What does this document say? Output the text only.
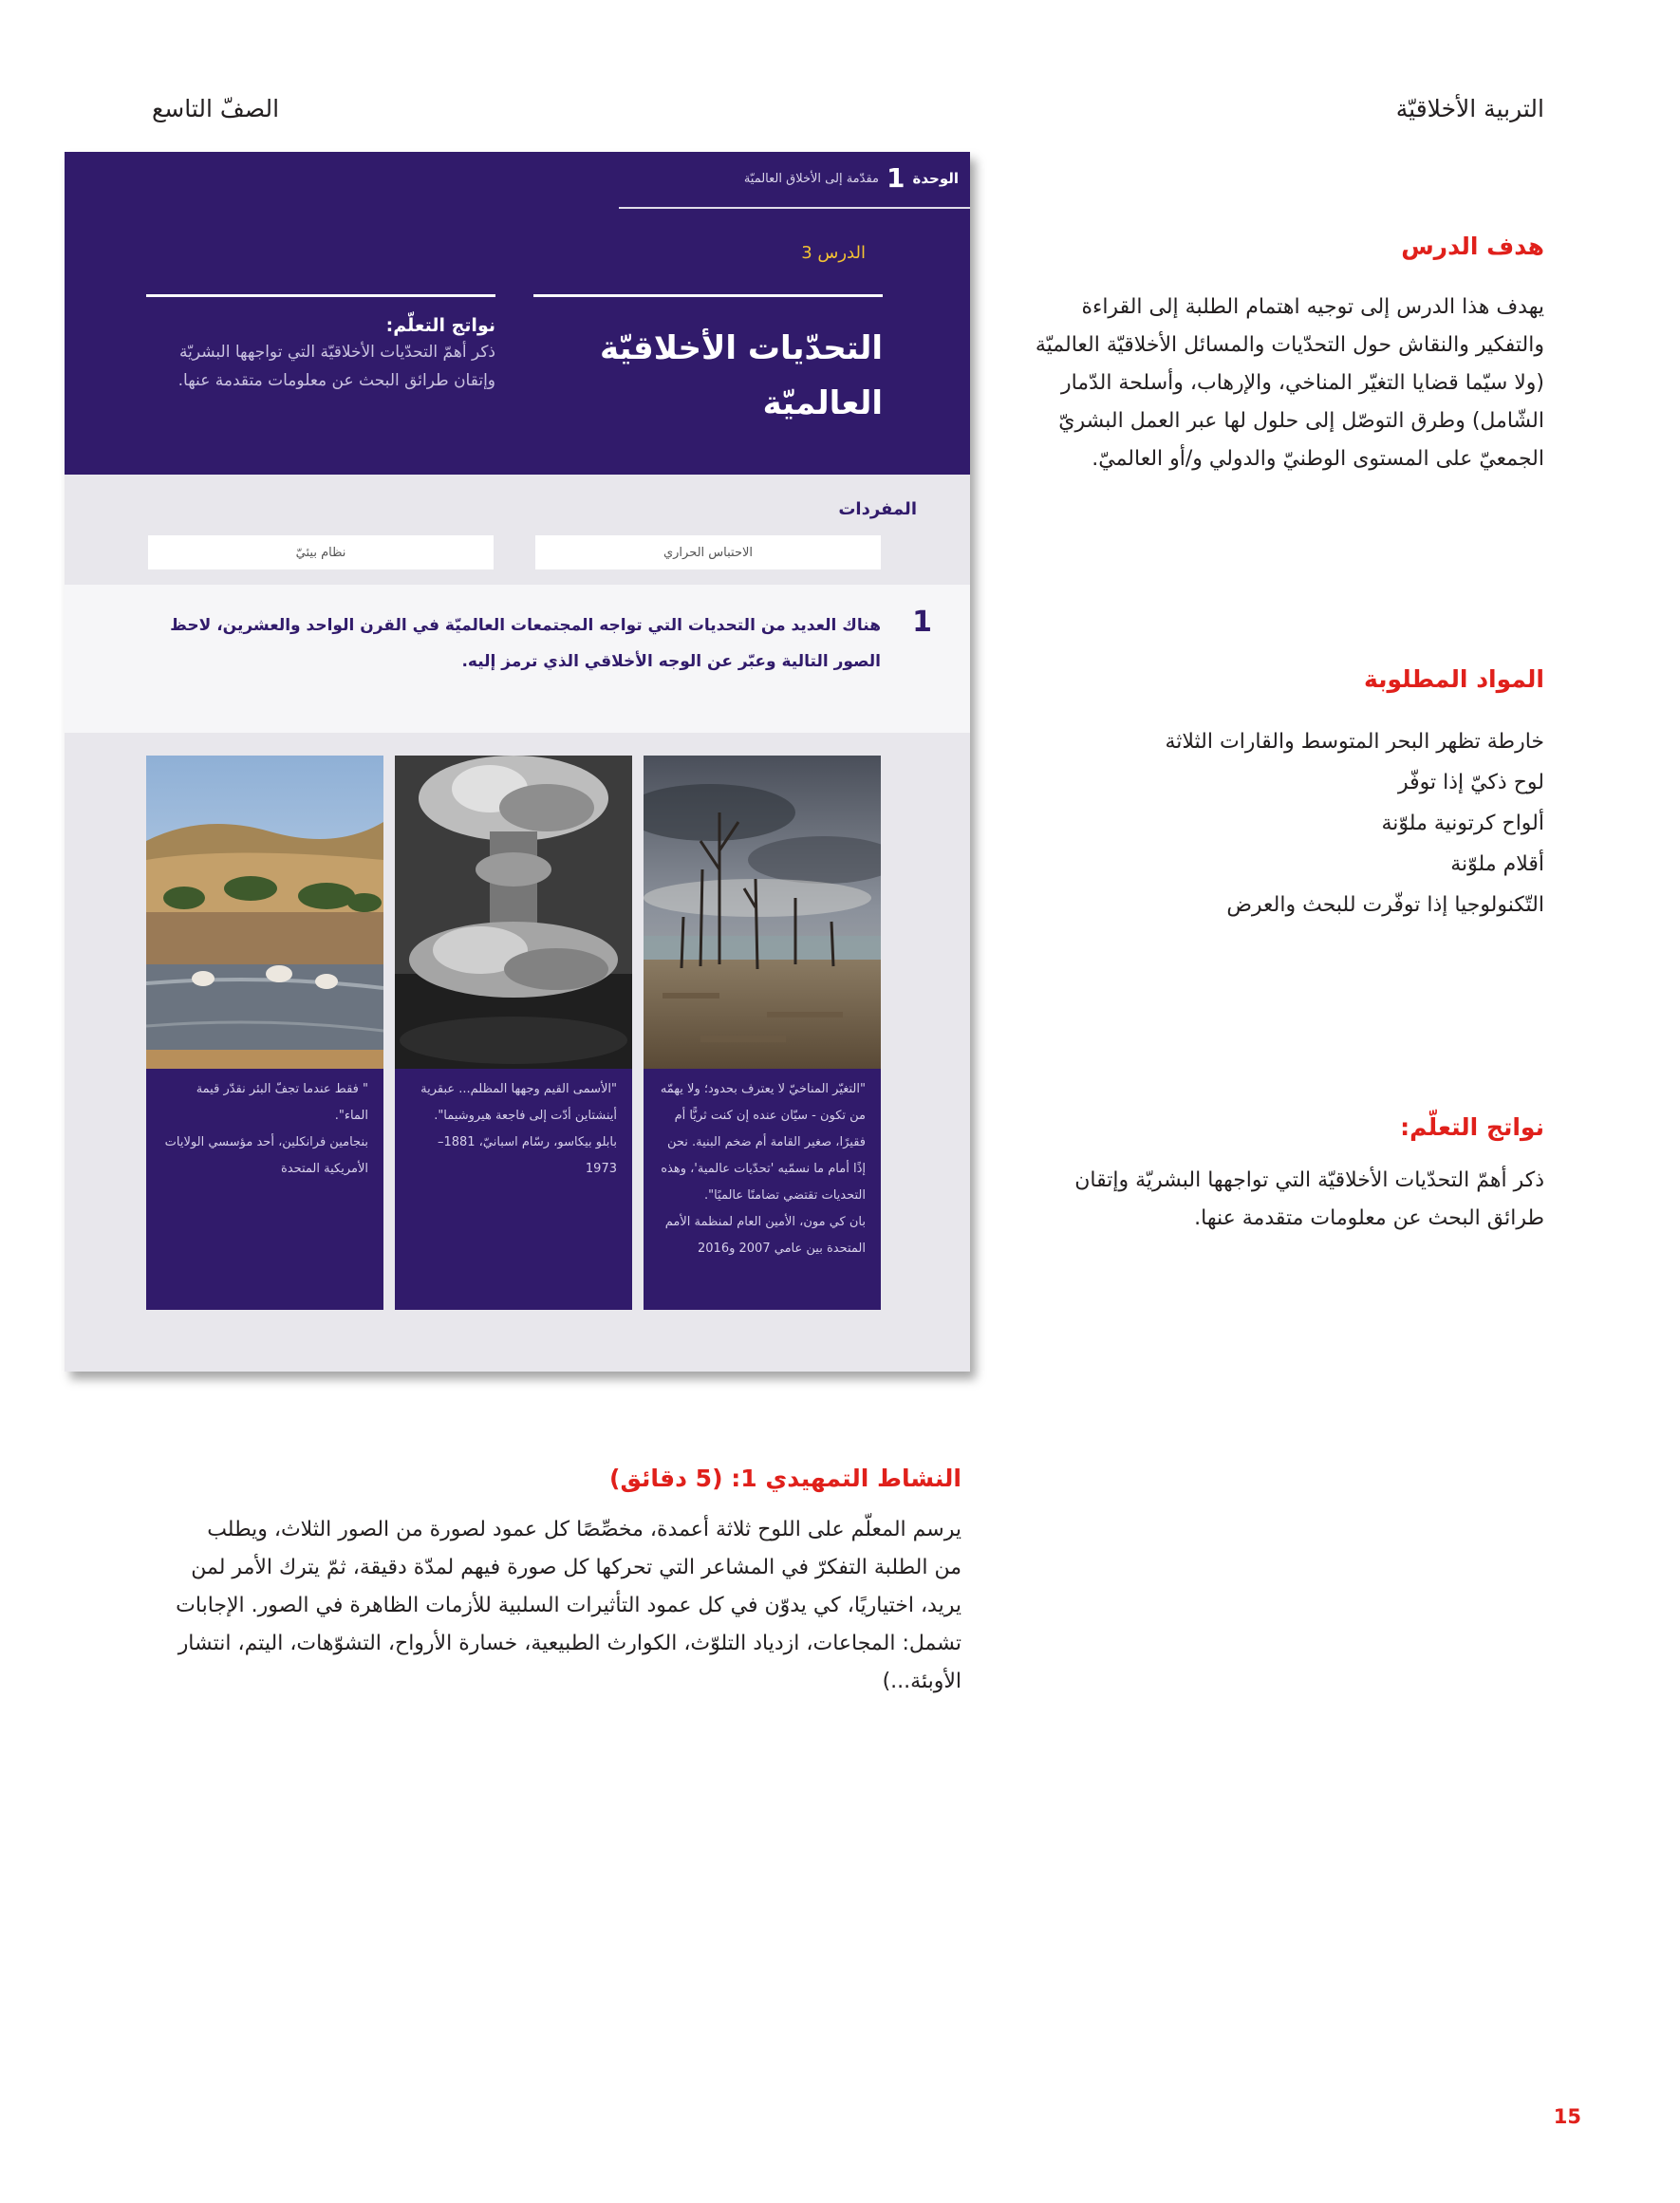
التربية الأخلاقيّة
الصفّ التاسع
هدف الدرس

يهدف هذا الدرس إلى توجيه اهتمام الطلبة إلى القراءة والتفكير والنقاش حول التحدّيات والمسائل الأخلاقيّة العالميّة (ولا سيّما قضايا التغيّر المناخي، والإرهاب، وأسلحة الدّمار الشّامل) وطرق التوصّل إلى حلول لها عبر العمل البشريّ الجمعيّ على المستوى الوطنيّ والدولي و/أو العالميّ.

المواد المطلوبة
خارطة تظهر البحر المتوسط والقارات الثلاثة
لوح ذكيّ إذا توفّر
ألواح كرتونية ملوّنة
أقلام ملوّنة
التّكنولوجيا إذا توفّرت للبحث والعرض
نواتج التعلّم:

ذكر أهمّ التحدّيات الأخلاقيّة التي تواجهها البشريّة وإتقان طرائق البحث عن معلومات متقدمة عنها.

الوحدة
1
مقدّمة إلى الأخلاق العالميّة
الدرس 3
التحدّيات الأخلاقيّة العالميّة

نواتج التعلّم:

ذكر أهمّ التحدّيات الأخلاقيّة التي تواجهها البشريّة وإتقان طرائق البحث عن معلومات متقدمة عنها.

المفردات
الاحتباس الحراري
نظام بيئيّ
1

هناك العديد من التحديات التي تواجه المجتمعات العالميّة في القرن الواحد والعشرين، لاحظ الصور التالية وعبّر عن الوجه الأخلاقي الذي ترمز إليه.

"التغيّر المناخيّ لا يعترف بحدود؛ ولا يهمّه من تكون - سيّان عنده إن كنت ثريًّا أم فقيرًا، صغير القامة أم ضخم البنية. نحن إذًا أمام ما نسمّيه 'تحدّيات عالمية'، وهذه التحديات تقتضي تضامنًا عالميًا".

بان كي مون، الأمين العام لمنظمة الأمم المتحدة بين عامي 2007 و2016

"الأسمى القيم وجهها المظلم... عبقرية أينشتاين أدّت إلى فاجعة هيروشيما".

بابلو بيكاسو، رسّام اسبانيّ، 1881–1973

" فقط عندما تجفّ البئر نقدّر قيمة الماء".

بنجامين فرانكلين، أحد مؤسسي الولايات الأمريكية المتحدة

النشاط التمهيدي 1: (5 دقائق)

يرسم المعلّم على اللوح ثلاثة أعمدة، مخصِّصًا كل عمود لصورة من الصور الثلاث، ويطلب من الطلبة التفكرّ في المشاعر التي تحركها كل صورة فيهم لمدّة دقيقة، ثمّ يترك الأمر لمن يريد، اختياريًا، كي يدوّن في كل عمود التأثيرات السلبية للأزمات الظاهرة في الصور. الإجابات تشمل: المجاعات، ازدياد التلوّث، الكوارث الطبيعية، خسارة الأرواح، التشوّهات، اليتم، انتشار الأوبئة...)

15
